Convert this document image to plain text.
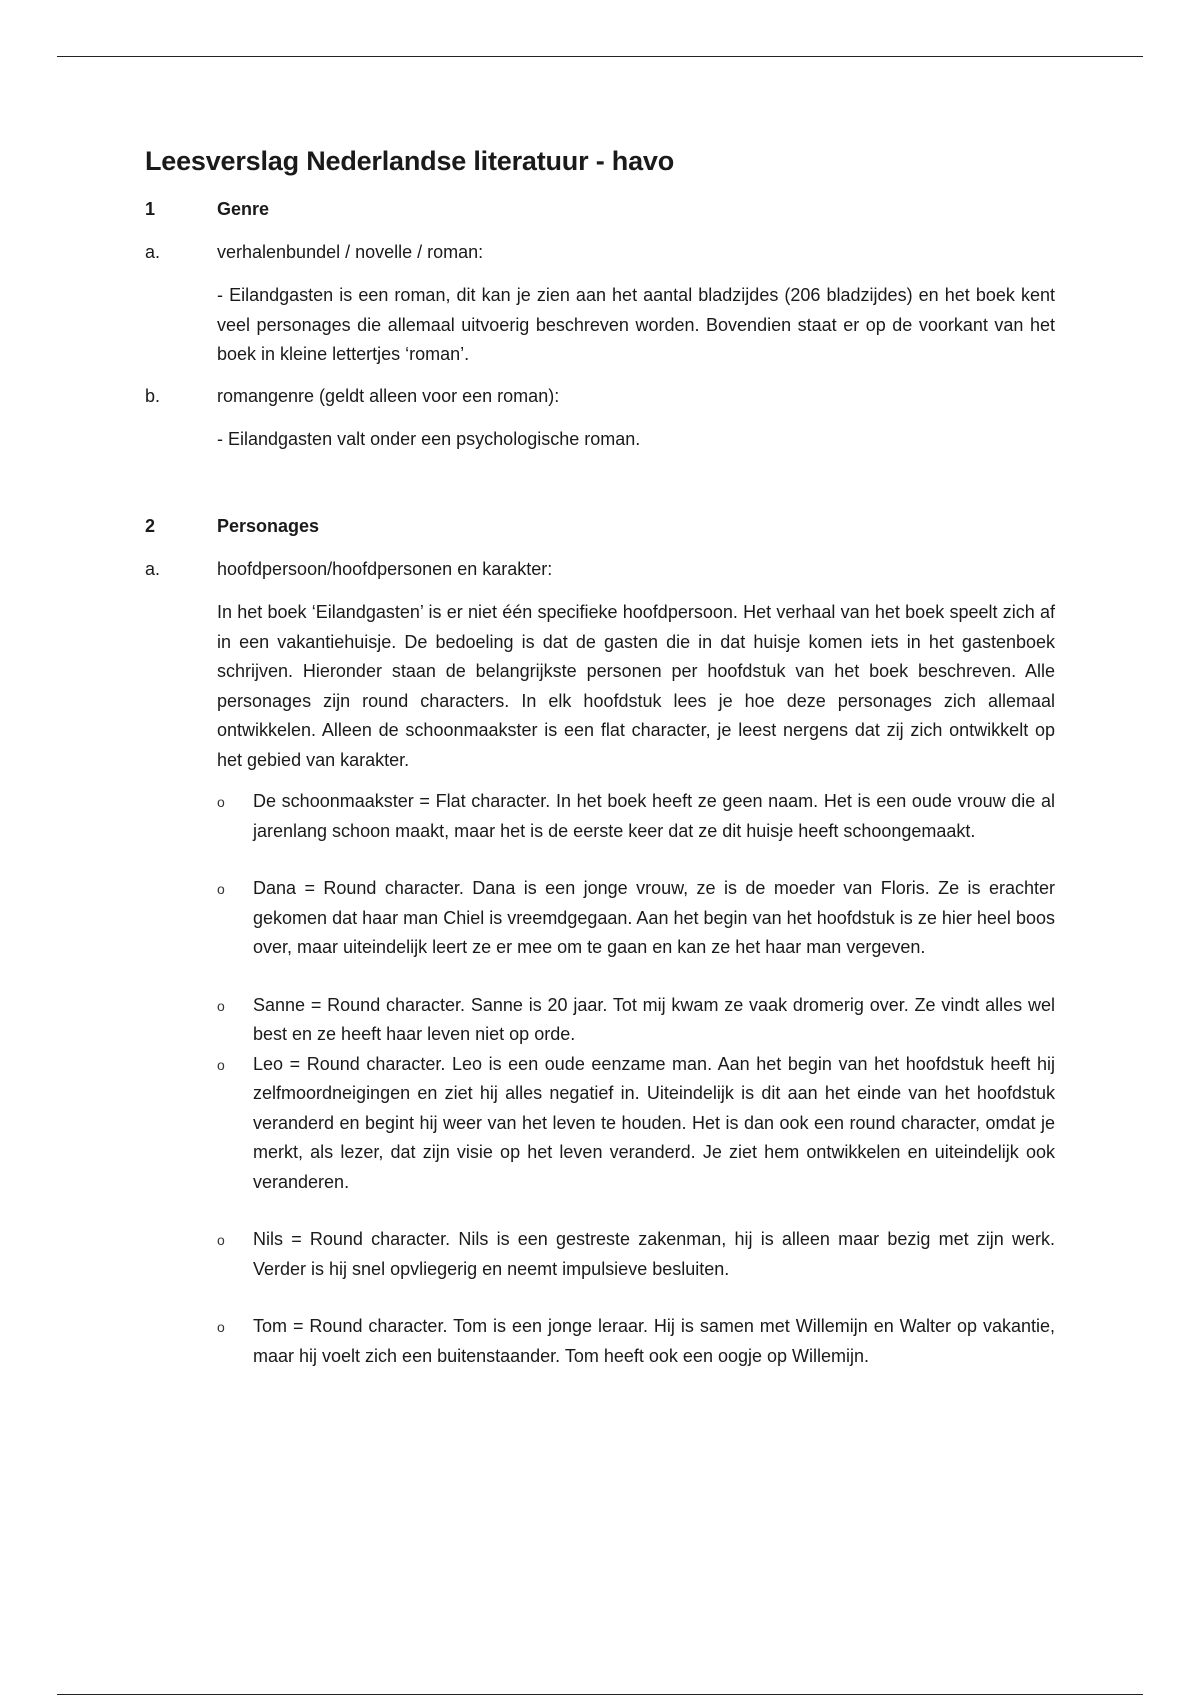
Leesverslag Nederlandse literatuur - havo
1	Genre
a.	verhalenbundel / novelle / roman:

- Eilandgasten is een roman, dit kan je zien aan het aantal bladzijdes (206 bladzijdes) en het boek kent veel personages die allemaal uitvoerig beschreven worden. Bovendien staat er op de voorkant van het boek in kleine lettertjes ‘roman’.

b.	romangenre (geldt alleen voor een roman):

- Eilandgasten valt onder een psychologische roman.

2	Personages
a.	hoofdpersoon/hoofdpersonen en karakter:

In het boek ‘Eilandgasten’ is er niet één specifieke hoofdpersoon. Het verhaal van het boek speelt zich af in een vakantiehuisje. De bedoeling is dat de gasten die in dat huisje komen iets in het gastenboek schrijven. Hieronder staan de belangrijkste personen per hoofdstuk van het boek beschreven. Alle personages zijn round characters. In elk hoofdstuk lees je hoe deze personages zich allemaal ontwikkelen. Alleen de schoonmaakster is een flat character, je leest nergens dat zij zich ontwikkelt op het gebied van karakter.

o	De schoonmaakster = Flat character. In het boek heeft ze geen naam. Het is een oude vrouw die al jarenlang schoon maakt, maar het is de eerste keer dat ze dit huisje heeft schoongemaakt.
o	Dana = Round character. Dana is een jonge vrouw, ze is de moeder van Floris. Ze is erachter gekomen dat haar man Chiel is vreemdgegaan. Aan het begin van het hoofdstuk is ze hier heel boos over, maar uiteindelijk leert ze er mee om te gaan en kan ze het haar man vergeven.
o	Sanne = Round character. Sanne is 20 jaar. Tot mij kwam ze vaak dromerig over. Ze vindt alles wel best en ze heeft haar leven niet op orde.
o	Leo = Round character. Leo is een oude eenzame man. Aan het begin van het hoofdstuk heeft hij zelfmoordneigingen en ziet hij alles negatief in. Uiteindelijk is dit aan het einde van het hoofdstuk veranderd en begint hij weer van het leven te houden. Het is dan ook een round character, omdat je merkt, als lezer, dat zijn visie op het leven veranderd. Je ziet hem ontwikkelen en uiteindelijk ook veranderen.
o	Nils = Round character. Nils is een gestreste zakenman, hij is alleen maar bezig met zijn werk. Verder is hij snel opvliegerig en neemt impulsieve besluiten.
o	Tom = Round character. Tom is een jonge leraar. Hij is samen met Willemijn en Walter op vakantie, maar hij voelt zich een buitenstaander. Tom heeft ook een oogje op Willemijn.
